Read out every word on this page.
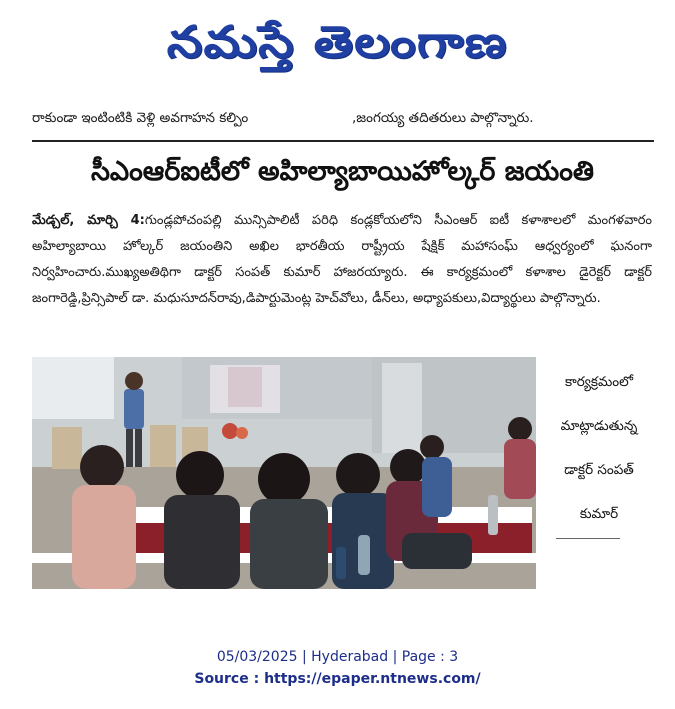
నమస్తే తెలంగాణ
రాకుండా ఇంటింటికి వెళ్లి అవగాహన కల్పిం	,జంగయ్య తదితరులు పాల్గొన్నారు.
సీఎంఆర్ఐటీలో అహిల్యాబాయిహోల్కర్ జయంతి
మేడ్చల్, మార్చి 4:గుండ్లపోచంపల్లి మున్సిపాలిటీ పరిధి కండ్లకోయలోని సీఎంఆర్ ఐటీ కళాశాలలో మంగళవారం అహిల్యాబాయి హోల్కర్ జయంతిని అఖిల భారతీయ రాష్ట్రీయ షేక్షిక్ మహాసంఘ్ ఆధ్వర్యంలో ఘనంగా నిర్వహించారు.ముఖ్యఅతిథిగా డాక్టర్ సంపత్ కుమార్ హాజరయ్యారు. ఈ కార్యక్రమంలో కళాశాల డైరెక్టర్ డాక్టర్ జంగారెడ్డి,ప్రిన్సిపాల్ డా. మధుసూదన్‌రావు,డిపార్టుమెంట్ల హెచ్‌వోలు, డీన్‌లు, అధ్యాపకులు,విద్యార్థులు పాల్గొన్నారు.
కార్యక్రమంలో
మాట్లాడుతున్న
డాక్టర్ సంపత్
కుమార్
05/03/2025 | Hyderabad | Page : 3
Source : https://epaper.ntnews.com/
